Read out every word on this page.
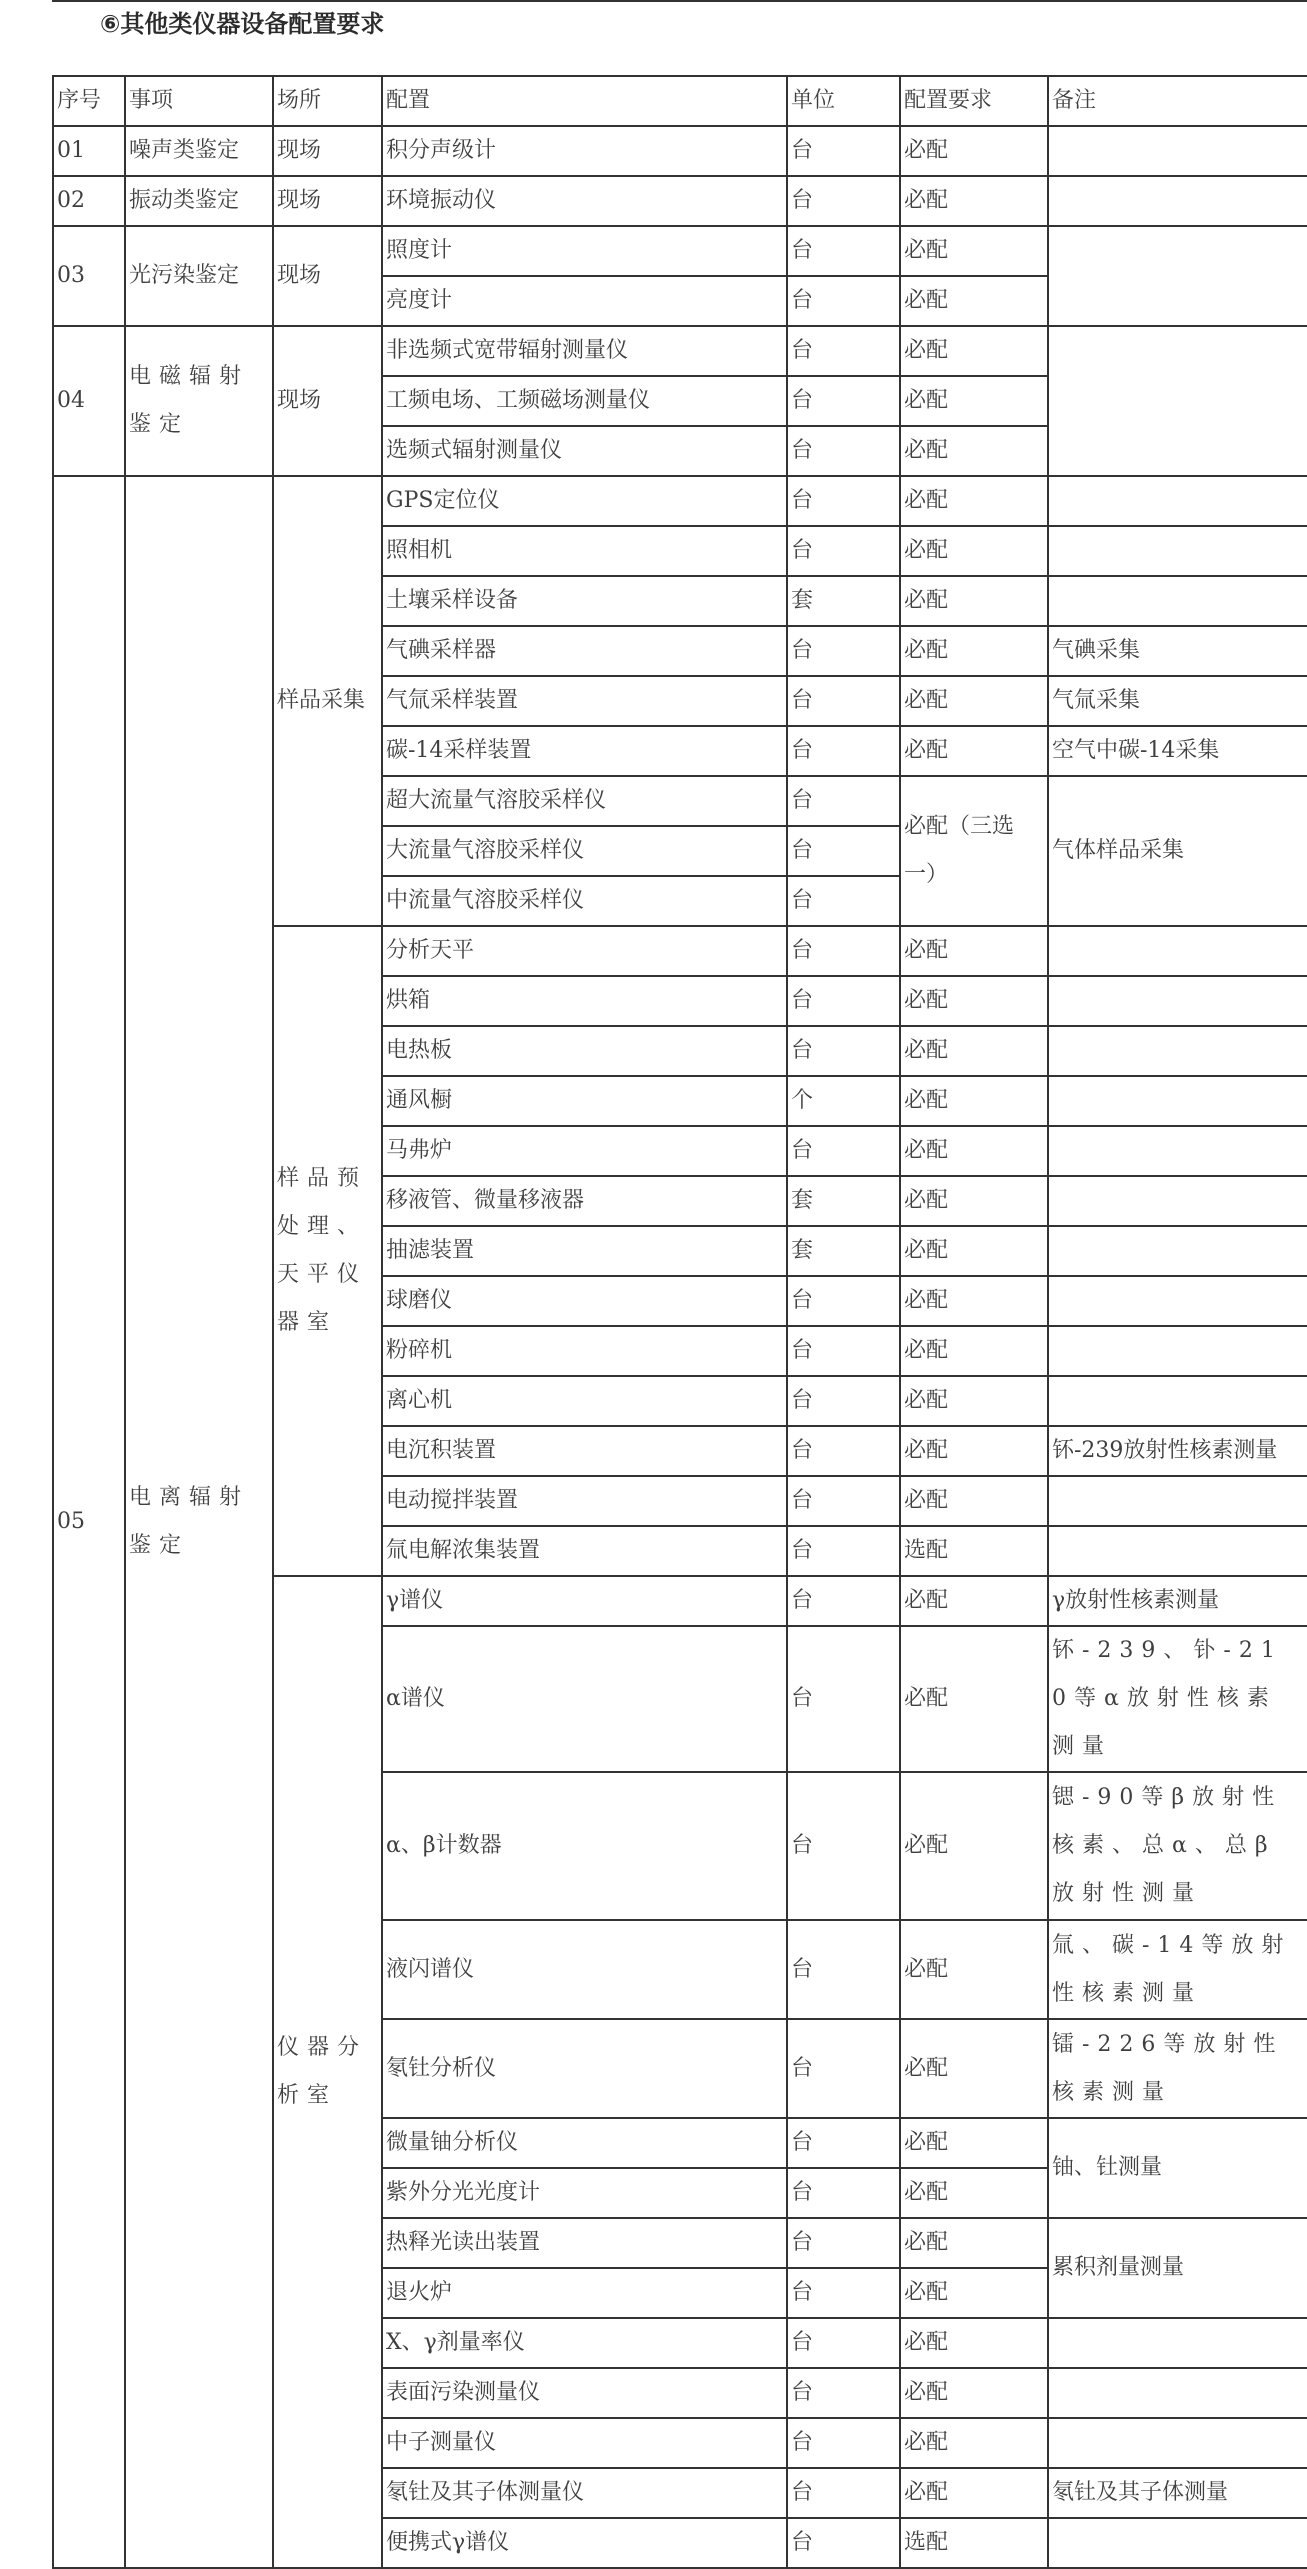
⑥其他类仪器设备配置要求
序号	事项	场所	配置	单位	配置要求	备注
01	噪声类鉴定	现场	积分声级计	台	必配	
02	振动类鉴定	现场	环境振动仪	台	必配	
03	光污染鉴定	现场	照度计	台	必配	
			亮度计	台	必配	
04	电磁辐射鉴定	现场	非选频式宽带辐射测量仪	台	必配	
			工频电场、工频磁场测量仪	台	必配	
			选频式辐射测量仪	台	必配	
05	电离辐射鉴定	样品采集	GPS定位仪	台	必配	
			照相机	台	必配	
			土壤采样设备	套	必配	
			气碘采样器	台	必配	气碘采集
			气氚采样装置	台	必配	气氚采集
			碳-14采样装置	台	必配	空气中碳-14采集
			超大流量气溶胶采样仪	台	必配（三选一）	气体样品采集
			大流量气溶胶采样仪	台		
			中流量气溶胶采样仪	台		
		样品预处理、天平仪器室	分析天平	台	必配	
			烘箱	台	必配	
			电热板	台	必配	
			通风橱	个	必配	
			马弗炉	台	必配	
			移液管、微量移液器	套	必配	
			抽滤装置	套	必配	
			球磨仪	台	必配	
			粉碎机	台	必配	
			离心机	台	必配	
			电沉积装置	台	必配	钚-239放射性核素测量
			电动搅拌装置	台	必配	
			氚电解浓集装置	台	选配	
		仪器分析室	γ谱仪	台	必配	γ放射性核素测量
			α谱仪	台	必配	钚-239、钋-210等α放射性核素测量
			α、β计数器	台	必配	锶-90等β放射性核素、总α、总β放射性测量
			液闪谱仪	台	必配	氚、碳-14等放射性核素测量
			氡钍分析仪	台	必配	镭-226等放射性核素测量
			微量铀分析仪	台	必配	铀、钍测量
			紫外分光光度计	台	必配	
			热释光读出装置	台	必配	累积剂量测量
			退火炉	台	必配	
			X、γ剂量率仪	台	必配	
			表面污染测量仪	台	必配	
			中子测量仪	台	必配	
			氡钍及其子体测量仪	台	必配	氡钍及其子体测量
			便携式γ谱仪	台	选配	
